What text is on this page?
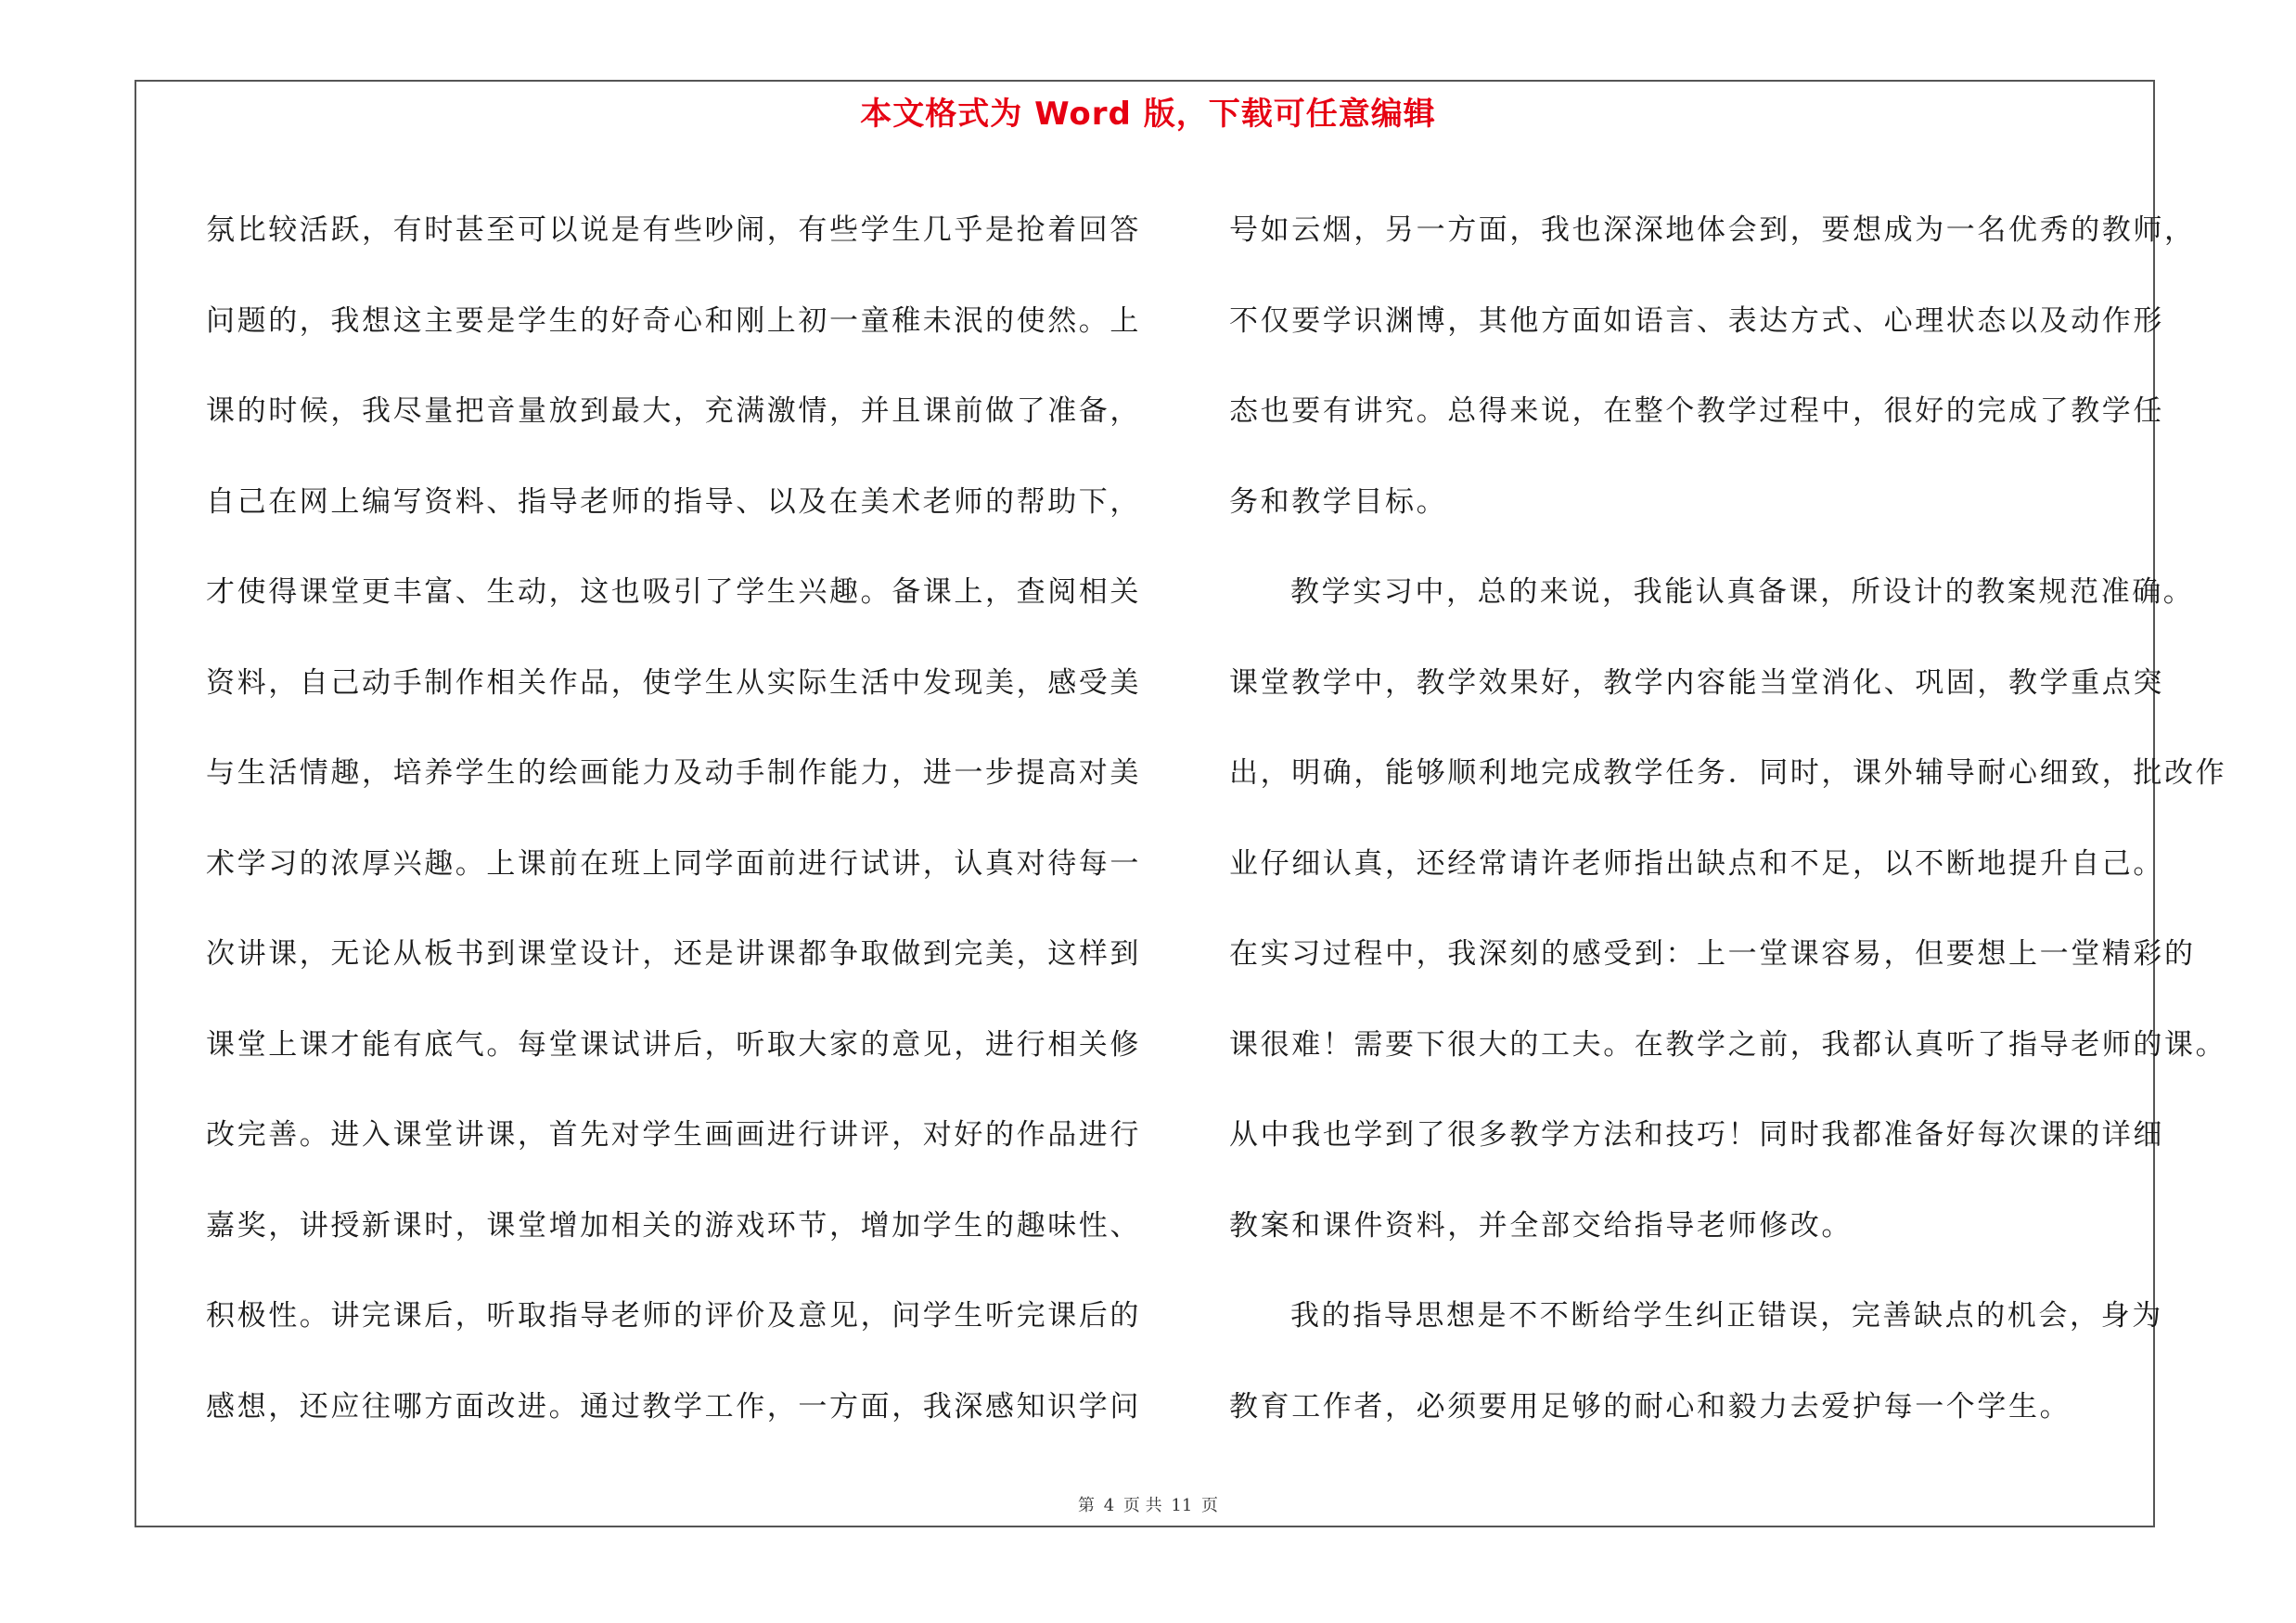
本文格式为 Word 版，下载可任意编辑
氛比较活跃，有时甚至可以说是有些吵闹，有些学生几乎是抢着回答
问题的，我想这主要是学生的好奇心和刚上初一童稚未泯的使然。上
课的时候，我尽量把音量放到最大，充满激情，并且课前做了准备，
自己在网上编写资料、指导老师的指导、以及在美术老师的帮助下，
才使得课堂更丰富、生动，这也吸引了学生兴趣。备课上，查阅相关
资料，自己动手制作相关作品，使学生从实际生活中发现美，感受美
与生活情趣，培养学生的绘画能力及动手制作能力，进一步提高对美
术学习的浓厚兴趣。上课前在班上同学面前进行试讲，认真对待每一
次讲课，无论从板书到课堂设计，还是讲课都争取做到完美，这样到
课堂上课才能有底气。每堂课试讲后，听取大家的意见，进行相关修
改完善。进入课堂讲课，首先对学生画画进行讲评，对好的作品进行
嘉奖，讲授新课时，课堂增加相关的游戏环节，增加学生的趣味性、
积极性。讲完课后，听取指导老师的评价及意见，问学生听完课后的
感想，还应往哪方面改进。通过教学工作，一方面，我深感知识学问
号如云烟，另一方面，我也深深地体会到，要想成为一名优秀的教师，
不仅要学识渊博，其他方面如语言、表达方式、心理状态以及动作形
态也要有讲究。总得来说，在整个教学过程中，很好的完成了教学任
务和教学目标。
教学实习中，总的来说，我能认真备课，所设计的教案规范准确。
课堂教学中，教学效果好，教学内容能当堂消化、巩固，教学重点突
出，明确，能够顺利地完成教学任务．同时，课外辅导耐心细致，批改作
业仔细认真，还经常请许老师指出缺点和不足，以不断地提升自己。
在实习过程中，我深刻的感受到：上一堂课容易，但要想上一堂精彩的
课很难！需要下很大的工夫。在教学之前，我都认真听了指导老师的课。
从中我也学到了很多教学方法和技巧！同时我都准备好每次课的详细
教案和课件资料，并全部交给指导老师修改。
我的指导思想是不不断给学生纠正错误，完善缺点的机会，身为
教育工作者，必须要用足够的耐心和毅力去爱护每一个学生。
第 4 页 共 11 页
